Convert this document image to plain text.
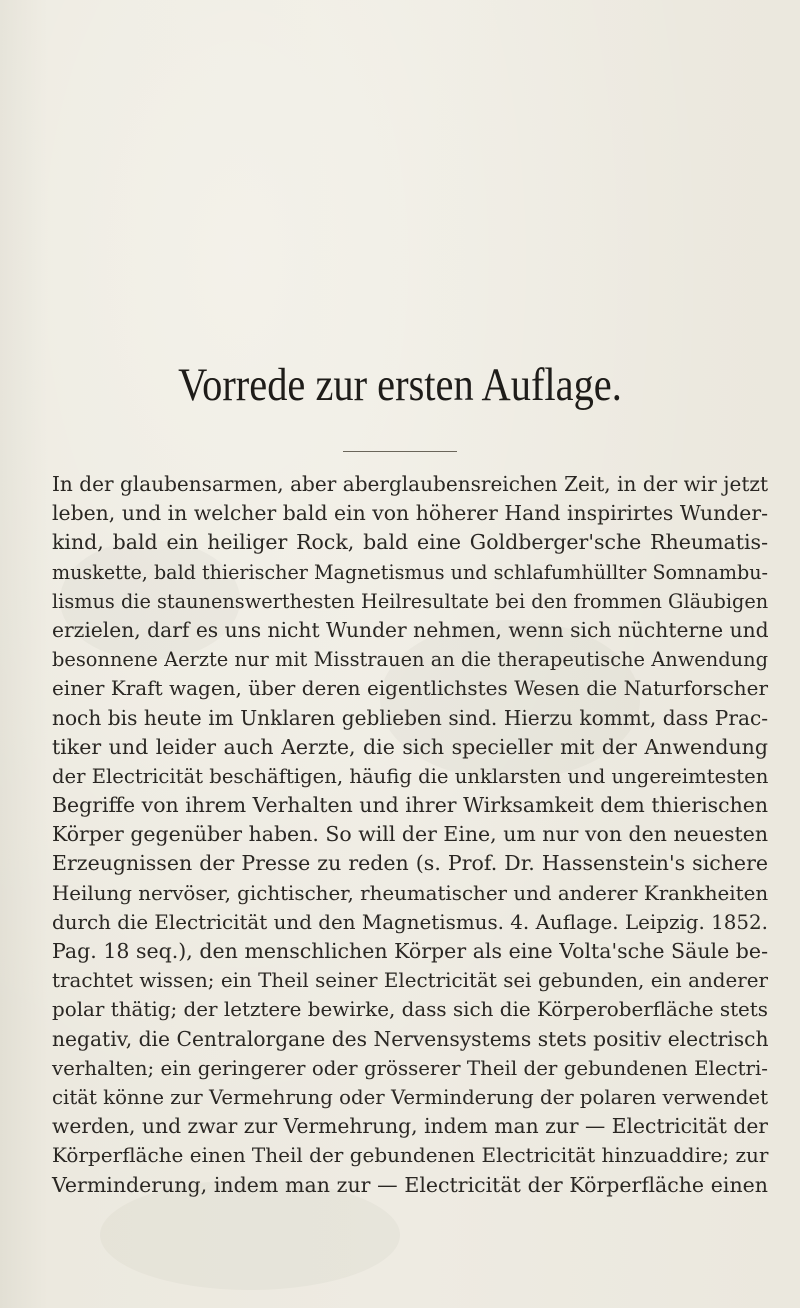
Vorrede zur ersten Auflage.
In der glaubensarmen, aber aberglaubensreichen Zeit, in der wir jetzt
leben, und in welcher bald ein von höherer Hand inspirirtes Wunder-
kind, bald ein heiliger Rock, bald eine Goldberger'sche Rheumatis-
muskette, bald thierischer Magnetismus und schlafumhüllter Somnambu-
lismus die staunenswerthesten Heilresultate bei den frommen Gläubigen
erzielen, darf es uns nicht Wunder nehmen, wenn sich nüchterne und
besonnene Aerzte nur mit Misstrauen an die therapeutische Anwendung
einer Kraft wagen, über deren eigentlichstes Wesen die Naturforscher
noch bis heute im Unklaren geblieben sind. Hierzu kommt, dass Prac-
tiker und leider auch Aerzte, die sich specieller mit der Anwendung
der Electricität beschäftigen, häufig die unklarsten und ungereimtesten
Begriffe von ihrem Verhalten und ihrer Wirksamkeit dem thierischen
Körper gegenüber haben. So will der Eine, um nur von den neuesten
Erzeugnissen der Presse zu reden (s. Prof. Dr. Hassenstein's sichere
Heilung nervöser, gichtischer, rheumatischer und anderer Krankheiten
durch die Electricität und den Magnetismus. 4. Auflage. Leipzig. 1852.
Pag. 18 seq.), den menschlichen Körper als eine Volta'sche Säule be-
trachtet wissen; ein Theil seiner Electricität sei gebunden, ein anderer
polar thätig; der letztere bewirke, dass sich die Körperoberfläche stets
negativ, die Centralorgane des Nervensystems stets positiv electrisch
verhalten; ein geringerer oder grösserer Theil der gebundenen Electri-
cität könne zur Vermehrung oder Verminderung der polaren verwendet
werden, und zwar zur Vermehrung, indem man zur — Electricität der
Körperfläche einen Theil der gebundenen Electricität hinzuaddire; zur
Verminderung, indem man zur — Electricität der Körperfläche einen
